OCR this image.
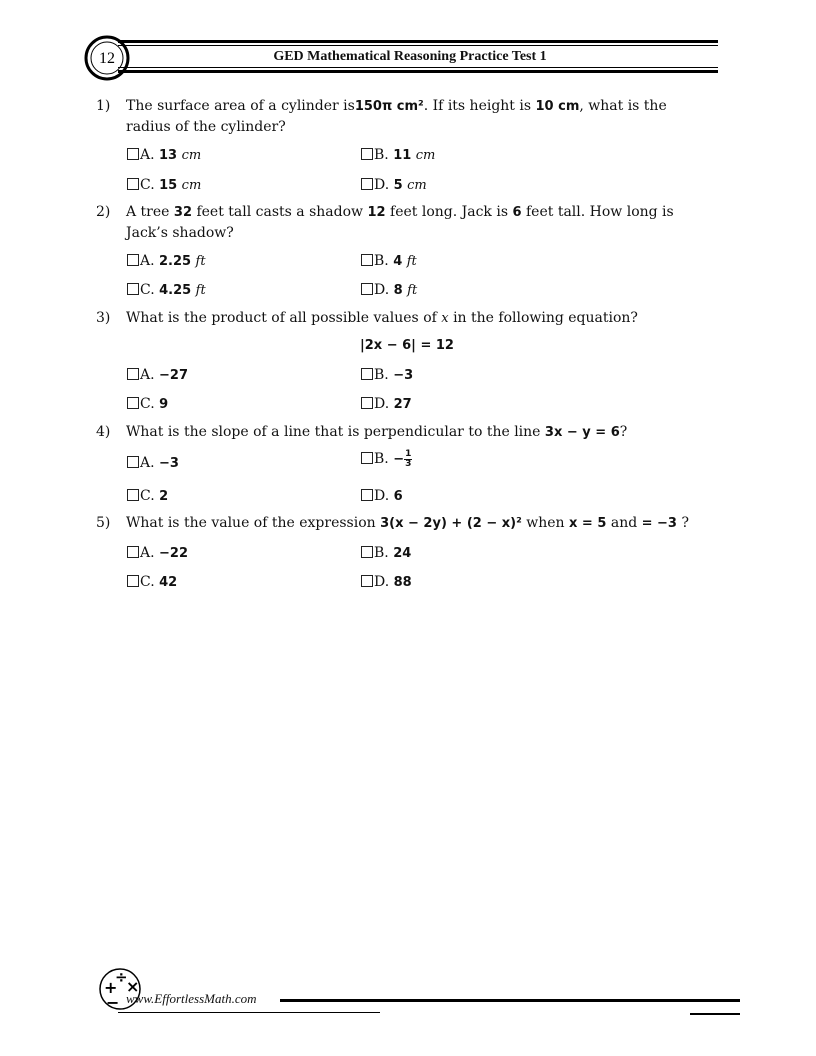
12	GED Mathematical Reasoning Practice Test 1
1)	The surface area of a cylinder is150π cm². If its height is 10 cm, what is the
radius of the cylinder?
A. 13 cm	B. 11 cm
C. 15 cm	D. 5 cm
2)	A tree 32 feet tall casts a shadow 12 feet long. Jack is 6 feet tall. How long is
Jack’s shadow?
A. 2.25 ft	B. 4 ft
C. 4.25 ft	D. 8 ft
3)	What is the product of all possible values of x in the following equation?
|2x − 6| = 12
A. −27	B. −3
C. 9	D. 27
4)	What is the slope of a line that is perpendicular to the line 3x − y = 6?
A. −3	B. − $\frac{1}{3}$
C. 2	D. 6
5)	What is the value of the expression 3(x − 2y) + (2 − x)² when x = 5 and = −3 ?
A. −22	B. 24
C. 42	D. 88
+
÷
×
− www.EffortlessMath.com
